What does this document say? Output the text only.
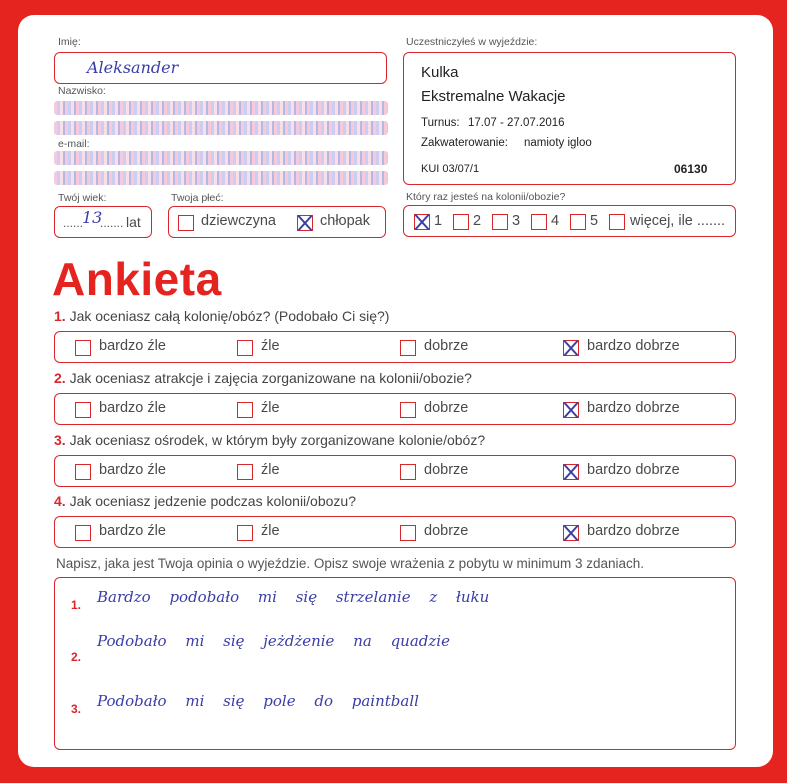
Imię:
Aleksander
Nazwisko:
e-mail:
Twój wiek:
......
13
....... lat
Twoja płeć:
dziewczyna	chłopak
Uczestniczyłeś w wyjeździe:
Kulka
Ekstremalne Wakacje
Turnus: 17.07 - 27.07.2016
Zakwaterowanie: namioty igloo
KUI 03/07/1	06130
Który raz jesteś na kolonii/obozie?
1 2 3 4 5 więcej, ile .......
Ankieta
1. Jak oceniasz całą kolonię/obóz? (Podobało Ci się?)
bardzo źle	źle	dobrze	bardzo dobrze
2. Jak oceniasz atrakcje i zajęcia zorganizowane na kolonii/obozie?
bardzo źle	źle	dobrze	bardzo dobrze
3. Jak oceniasz ośrodek, w którym były zorganizowane kolonie/obóz?
bardzo źle	źle	dobrze	bardzo dobrze
4. Jak oceniasz jedzenie podczas kolonii/obozu?
bardzo źle	źle	dobrze	bardzo dobrze
Napisz, jaka jest Twoja opinia o wyjeździe. Opisz swoje wrażenia z pobytu w minimum 3 zdaniach.
1. Bardzo podobało mi się strzelanie z łuku
2.
Podobało mi się jeżdżenie na quadzie
3. Podobało mi się pole do paintball
